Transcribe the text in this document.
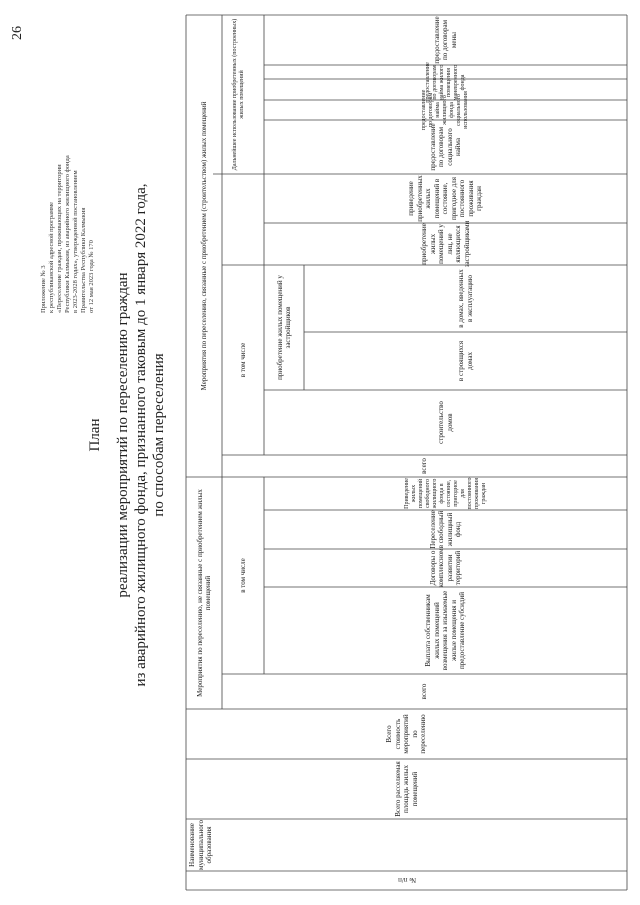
26
Приложение № 3 к республиканской адресной программе «Переселение граждан, проживающих на территории Республики Калмыкия, из аварийного жилищного фонда в 2023-2028 годах», утвержденной постановлением Правительства Республики Калмыкия от 12 мая 2023 года № 170
План реализации мероприятий по переселению граждан из аварийного жилищного фонда, признанного таковым до 1 января 2022 года, по способам переселения
№ п/п
Наименование муниципального образования
Всего расселяемая площадь жилых помещений
Всего стоимость мероприятий по переселению
Мероприятия по переселению, не связанные с приобретением жилых помещений
всего
в том числе
Выплата собственникам жилых помещений возмещения за изымаемые жилые помещения и предоставление субсидий
Договоры о комплексном развитии территорий
Переселение в свободный жилищный фонд
Приведение жилых помещений свободного жилищного фонда в состояние, пригодное для постоянного проживания граждан
Мероприятия по переселению, связанные с приобретением (строительством) жилых помещений
всего
в том числе
строительство домов
приобретение жилых помещений у застройщиков
в строящихся домах
в домах, введенных в эксплуатацию
приобретение жилых помещений у лиц, не являющихся застройщиками
приведение приобретенных жилых помещений в состояние, пригодное для постоянного проживания граждан
Дальнейшее использование приобретенных (построенных) жилых помещений
предоставление по договорам социального найма
предоставление по договорам найма жилищного фонда социального использования
предоставление по договорам найма жилого помещения маневренного фонда
предоставление по договорам мены
